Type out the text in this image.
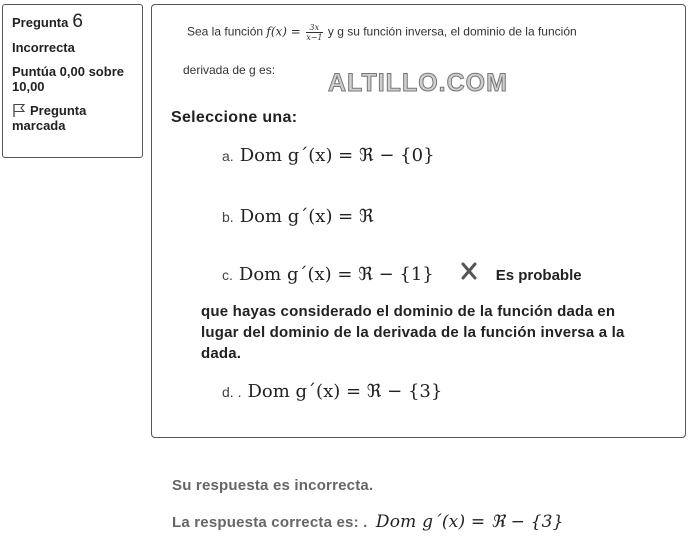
Pregunta 6
Incorrecta
Puntúa 0,00 sobre 10,00
Pregunta marcada
Sea la función $f(x) = \frac{3x}{x-1}$ y g su función inversa, el dominio de la función
derivada de g es: ALTILLO.COM
Seleccione una:
a. Dom g´(x) = ℜ − {0}
b. Dom g´(x) = ℜ
c. Dom g´(x) = ℜ − {1}	Es probable
que hayas considerado el dominio de la función dada en lugar del dominio de la derivada de la función inversa a la dada.
d. . Dom g´(x) = ℜ − {3}
Su respuesta es incorrecta.
La respuesta correcta es: . Dom g´(x) = ℜ − {3}
